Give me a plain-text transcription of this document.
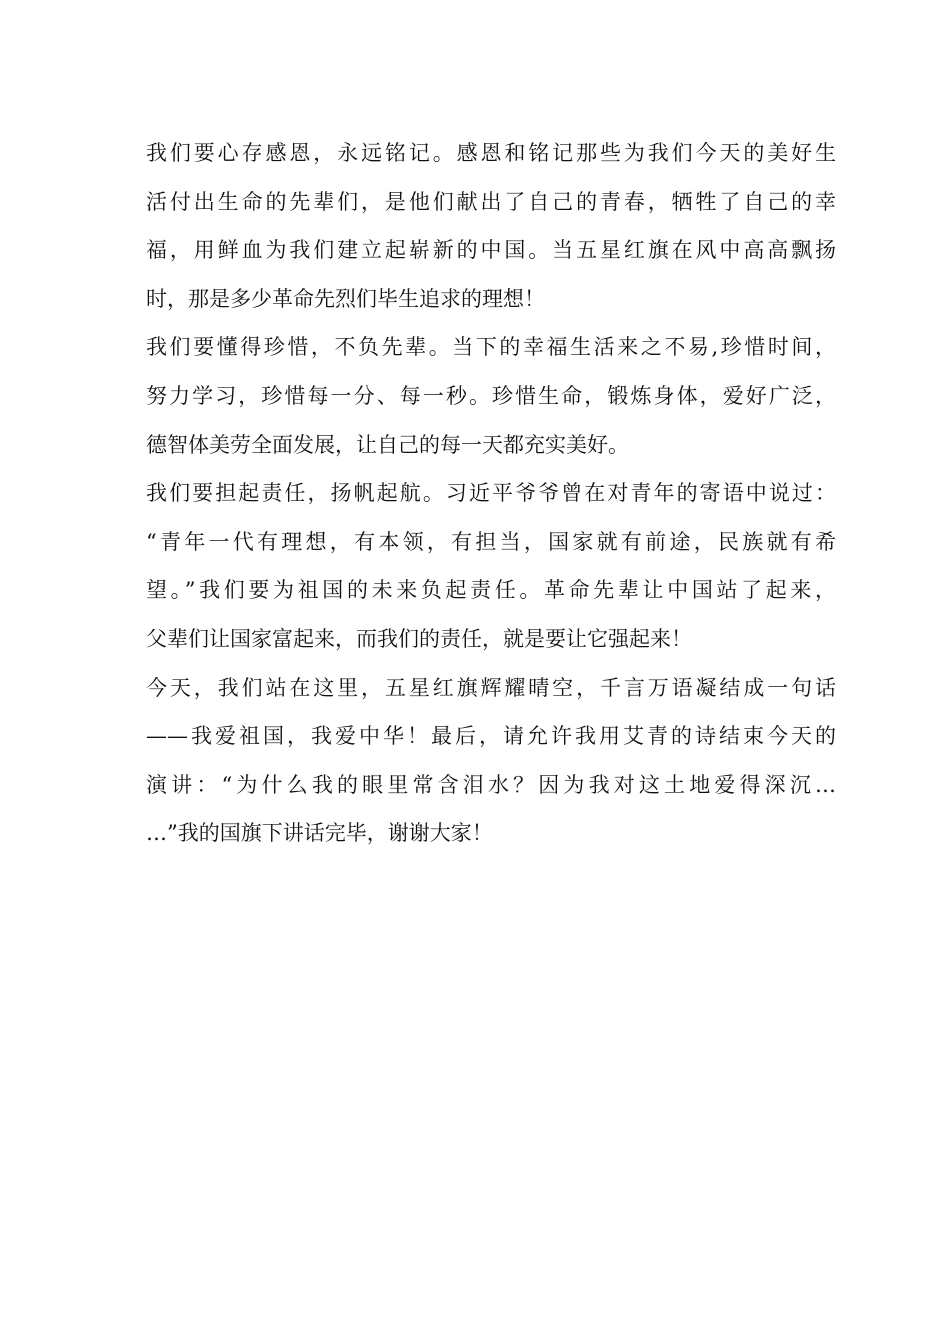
我们要心存感恩，永远铭记。感恩和铭记那些为我们今天的美好生
活付出生命的先辈们，是他们献出了自己的青春，牺牲了自己的幸
福，用鲜血为我们建立起崭新的中国。当五星红旗在风中高高飘扬
时，那是多少革命先烈们毕生追求的理想！
我们要懂得珍惜，不负先辈。当下的幸福生活来之不易,珍惜时间，
努力学习，珍惜每一分、每一秒。珍惜生命，锻炼身体，爱好广泛，
德智体美劳全面发展，让自己的每一天都充实美好。
我们要担起责任，扬帆起航。习近平爷爷曾在对青年的寄语中说过：
“青年一代有理想，有本领，有担当，国家就有前途，民族就有希
望。”我们要为祖国的未来负起责任。革命先辈让中国站了起来，
父辈们让国家富起来，而我们的责任，就是要让它强起来！
今天，我们站在这里，五星红旗辉耀晴空，千言万语凝结成一句话
——我爱祖国，我爱中华！最后，请允许我用艾青的诗结束今天的
演讲：“为什么我的眼里常含泪水？因为我对这土地爱得深沉…
…”我的国旗下讲话完毕，谢谢大家！
